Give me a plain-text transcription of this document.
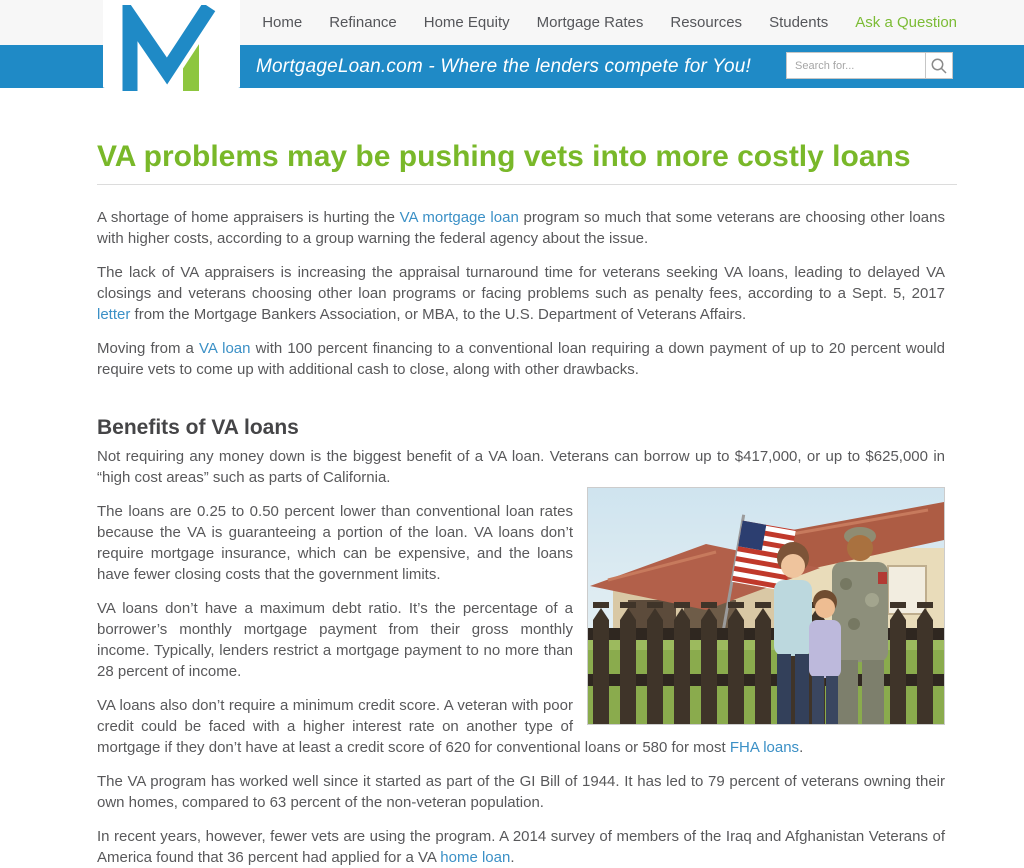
Home Refinance Home Equity Mortgage Rates Resources Students Ask a Question
MortgageLoan.com - Where the lenders compete for You!
Search for...
VA problems may be pushing vets into more costly loans

A shortage of home appraisers is hurting the VA mortgage loan program so much that some veterans are choosing other loans with higher costs, according to a group warning the federal agency about the issue.

The lack of VA appraisers is increasing the appraisal turnaround time for veterans seeking VA loans, leading to delayed VA closings and veterans choosing other loan programs or facing problems such as penalty fees, according to a Sept. 5, 2017 letter from the Mortgage Bankers Association, or MBA, to the U.S. Department of Veterans Affairs.

Moving from a VA loan with 100 percent financing to a conventional loan requiring a down payment of up to 20 percent would require vets to come up with additional cash to close, along with other drawbacks.

Benefits of VA loans

Not requiring any money down is the biggest benefit of a VA loan. Veterans can borrow up to $417,000, or up to $625,000 in “high cost areas” such as parts of California.

The loans are 0.25 to 0.50 percent lower than conventional loan rates because the VA is guaranteeing a portion of the loan. VA loans don’t require mortgage insurance, which can be expensive, and the loans have fewer closing costs that the government limits.

VA loans don’t have a maximum debt ratio. It’s the percentage of a borrower’s monthly mortgage payment from their gross monthly income. Typically, lenders restrict a mortgage payment to no more than 28 percent of income.

VA loans also don’t require a minimum credit score. A veteran with poor credit could be faced with a higher interest rate on another type of mortgage if they don’t have at least a credit score of 620 for conventional loans or 580 for most FHA loans.

The VA program has worked well since it started as part of the GI Bill of 1944. It has led to 79 percent of veterans owning their own homes, compared to 63 percent of the non-veteran population.

In recent years, however, fewer vets are using the program. A 2014 survey of members of the Iraq and Afghanistan Veterans of America found that 36 percent had applied for a VA home loan.
